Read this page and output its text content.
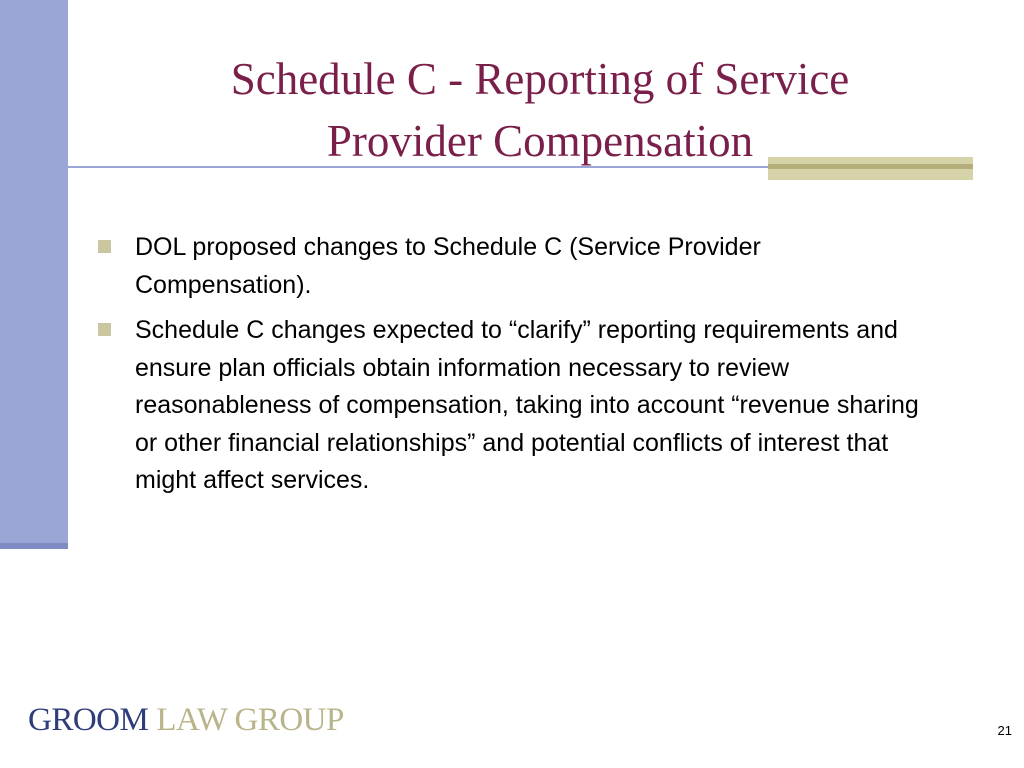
Schedule C - Reporting of Service
Provider Compensation
DOL proposed changes to Schedule C (Service Provider Compensation).
Schedule C changes expected to “clarify” reporting requirements and ensure plan officials obtain information necessary to review reasonableness of compensation, taking into account “revenue sharing or other financial relationships” and potential conflicts of interest that might affect services.
GROOM LAW GROUP	21
